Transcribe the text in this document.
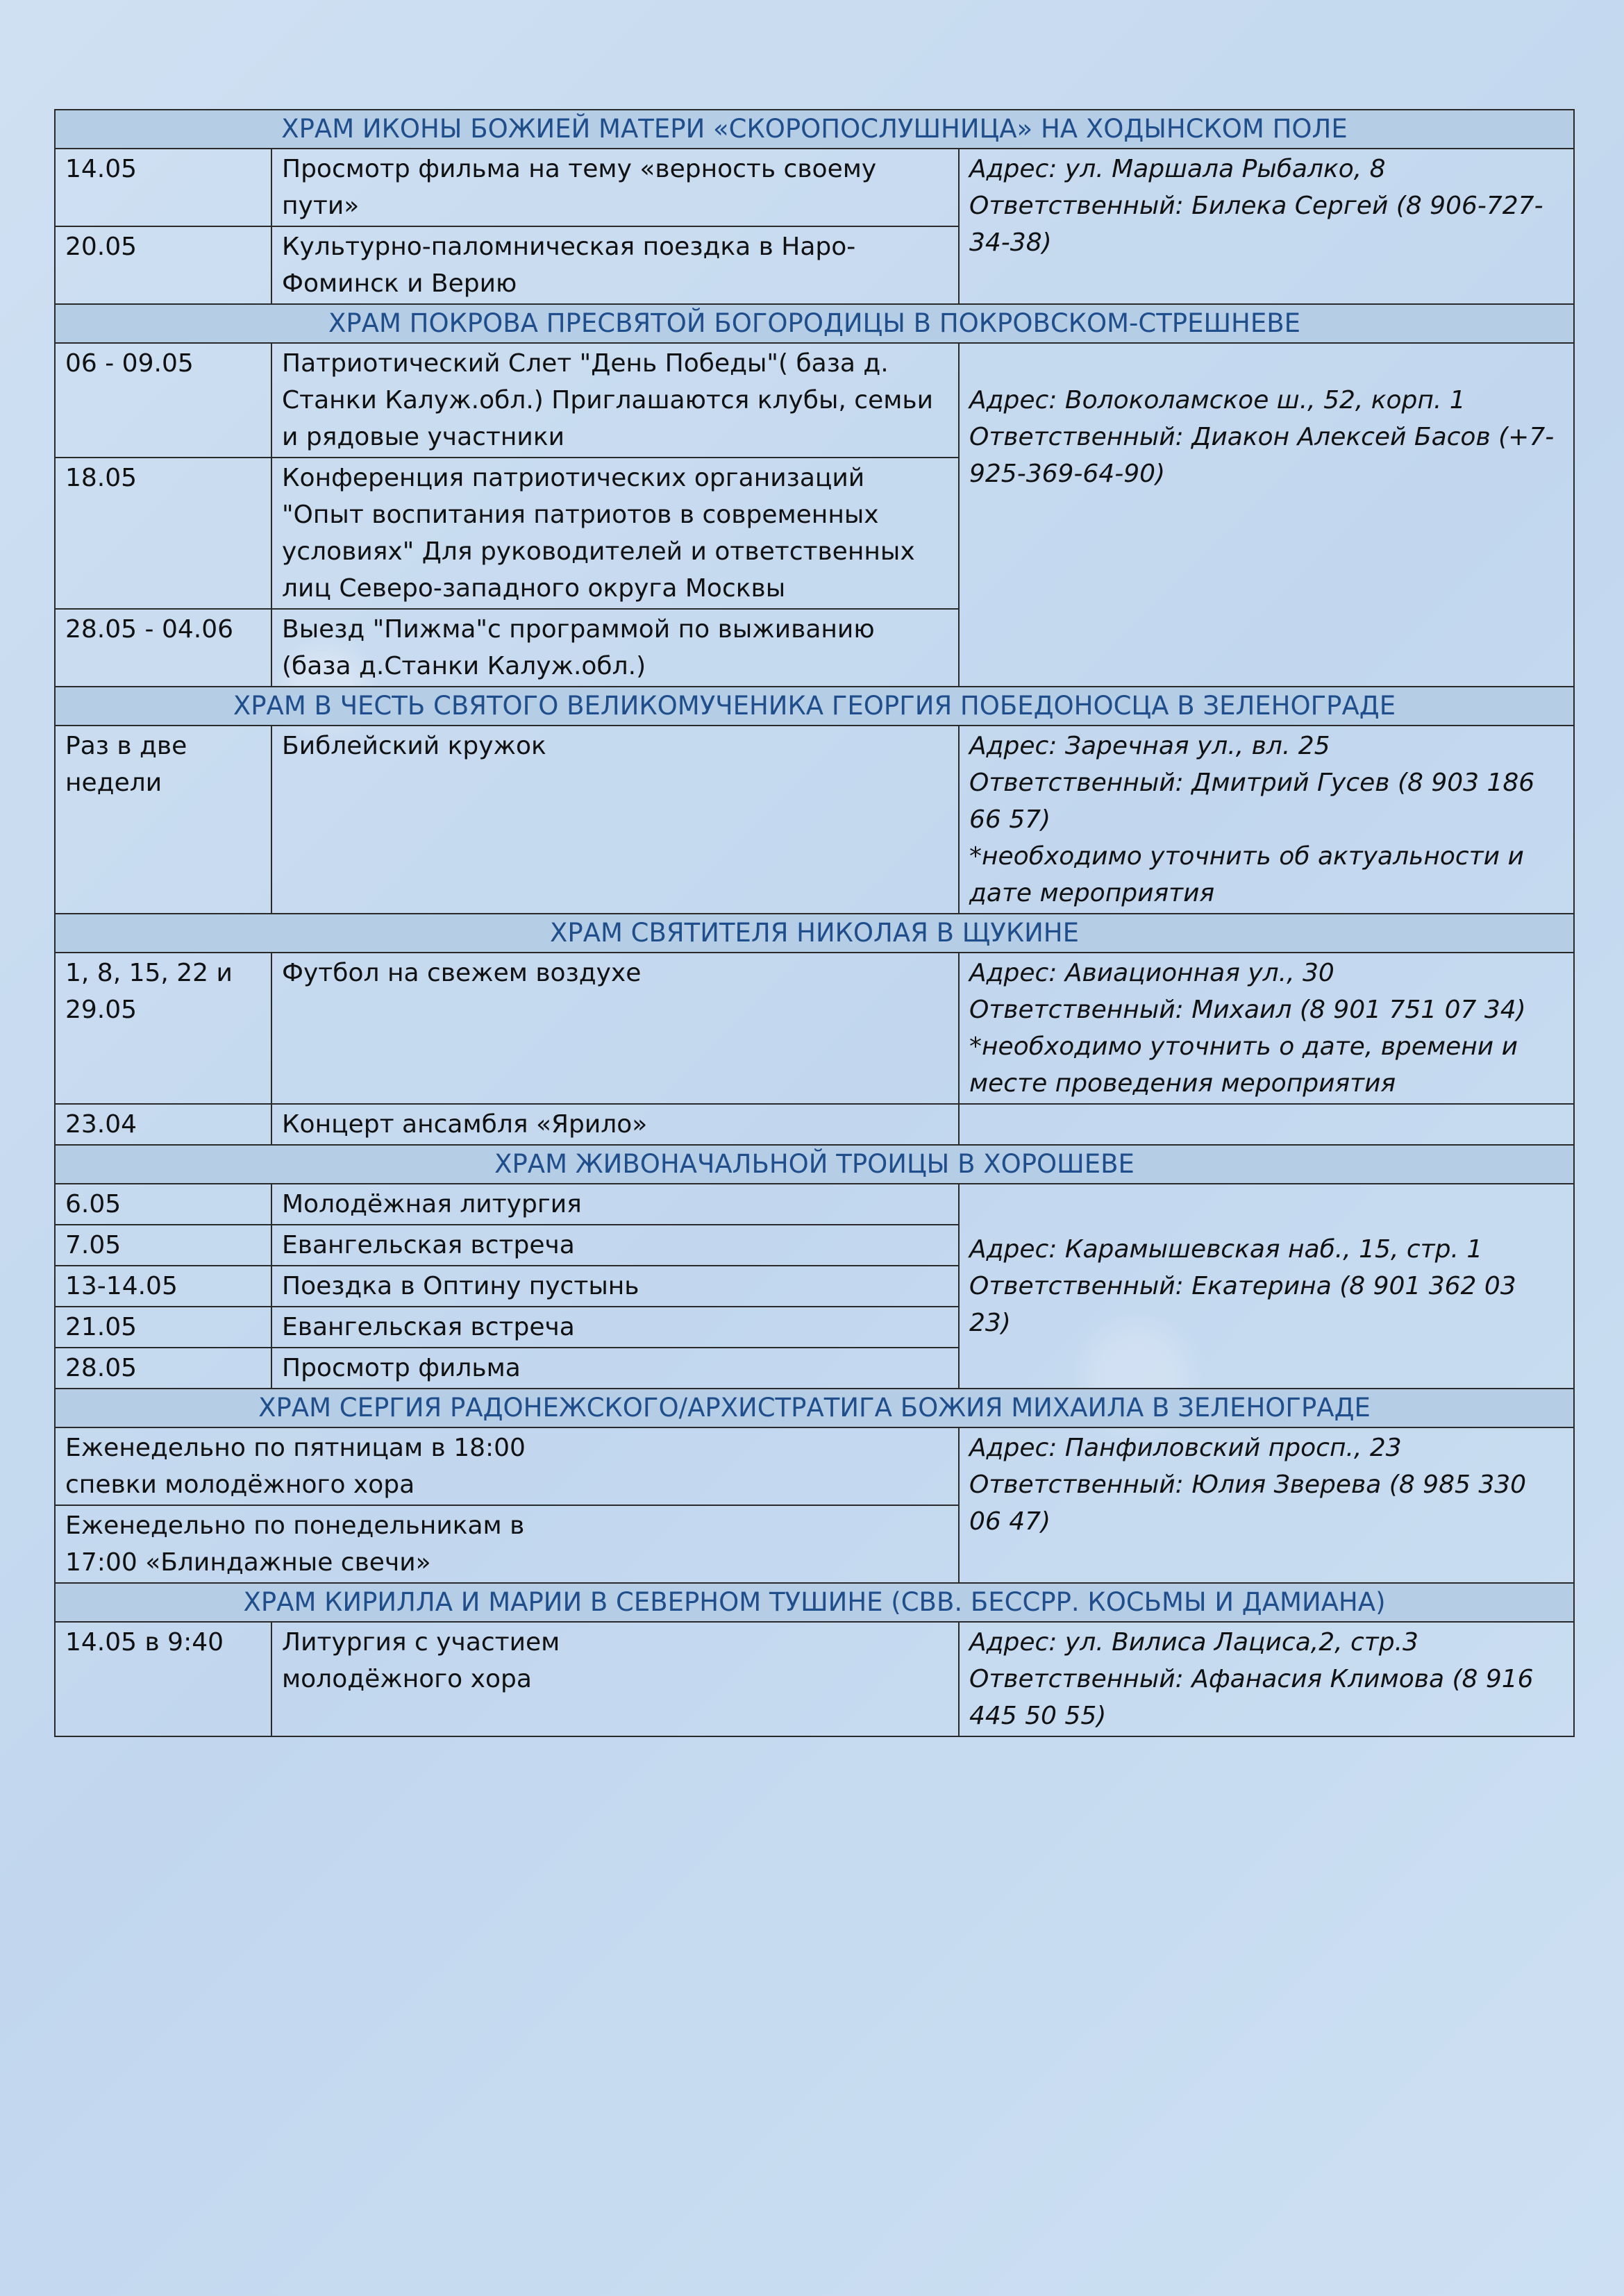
ХРАМ ИКОНЫ БОЖИЕЙ МАТЕРИ «СКОРОПОСЛУШНИЦА» НА ХОДЫНСКОМ ПОЛЕ		
14.05	Просмотр фильма на тему «верность своему пути»	Адрес: ул. Маршала Рыбалко, 8
Ответственный: Билека Сергей (8 906-727-34-38)

20.05	Культурно-паломническая поездка в Наро-Фоминск и Верию	
ХРАМ ПОКРОВА ПРЕСВЯТОЙ БОГОРОДИЦЫ В ПОКРОВСКОМ-СТРЕШНЕВЕ		
06 - 09.05	Патриотический Слет "День Победы"( база д. Станки Калуж.обл.) Приглашаются клубы, семьи и рядовые участники	Адрес: Волоколамское ш., 52, корп. 1
Ответственный: Диакон Алексей Басов (+7-925-369-64-90)

18.05	Конференция патриотических организаций "Опыт воспитания патриотов в современных условиях" Для руководителей и ответственных лиц Северо-западного округа Москвы	
28.05 - 04.06	Выезд "Пижма"с программой по выживанию (база д.Станки Калуж.обл.)	
ХРАМ В ЧЕСТЬ СВЯТОГО ВЕЛИКОМУЧЕНИКА ГЕОРГИЯ ПОБЕДОНОСЦА В ЗЕЛЕНОГРАДЕ		
Раз в две недели	Библейский кружок	Адрес: Заречная ул., вл. 25
Ответственный: Дмитрий Гусев (8 903 186 66 57)
*необходимо уточнить об актуальности и дате мероприятия

ХРАМ СВЯТИТЕЛЯ НИКОЛАЯ В ЩУКИНЕ		
1, 8, 15, 22 и 29.05	Футбол на свежем воздухе	Адрес: Авиационная ул., 30
Ответственный: Михаил (8 901 751 07 34)
*необходимо уточнить о дате, времени и месте проведения мероприятия

23.04	Концерт ансамбля «Ярило»	
ХРАМ ЖИВОНАЧАЛЬНОЙ ТРОИЦЫ В ХОРОШЕВЕ		
6.05	Молодёжная литургия	Адрес: Карамышевская наб., 15, стр. 1
Ответственный: Екатерина (8 901 362 03 23)

7.05	Евангельская встреча	
13-14.05	Поездка в Оптину пустынь	
21.05	Евангельская встреча	
28.05	Просмотр фильма	
ХРАМ СЕРГИЯ РАДОНЕЖСКОГО/АРХИСТРАТИГА БОЖИЯ МИХАИЛА В ЗЕЛЕНОГРАДЕ		
Еженедельно по пятницам в 18:00 спевки молодёжного хора		Адрес: Панфиловский просп., 23
Ответственный: Юлия Зверева (8 985 330 06 47)

Еженедельно по понедельникам в 17:00 «Блиндажные свечи»		
ХРАМ КИРИЛЛА И МАРИИ В СЕВЕРНОМ ТУШИНЕ (СВВ. БЕССРР. КОСЬМЫ И ДАМИАНА)		
14.05 в 9:40	Литургия с участием молодёжного хора	Адрес: ул. Вилиса Лациса,2, стр.3
Ответственный: Афанасия Климова (8 916 445 50 55)
